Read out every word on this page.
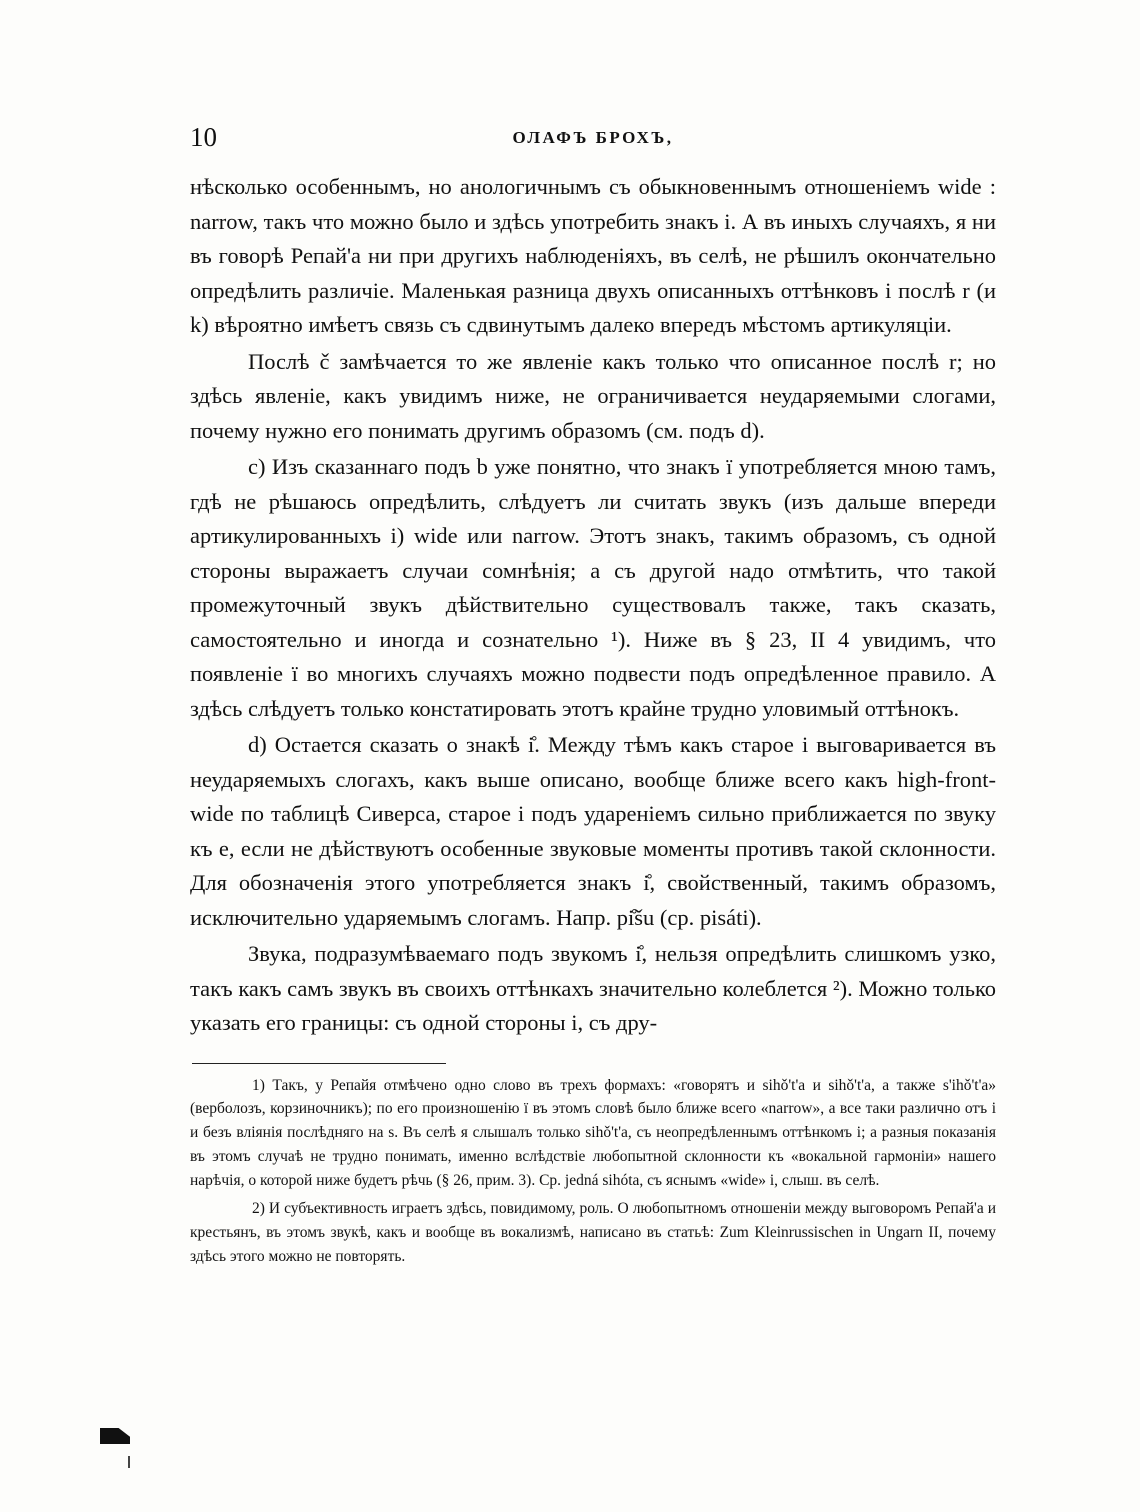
10	ОЛАФЪ БРОХЪ,

нѣсколько особеннымъ, но анологичнымъ съ обыкновеннымъ отношеніемъ wide : narrow, такъ что можно было и здѣсь употребить знакъ і. А въ иныхъ случаяхъ, я ни въ говорѣ Репай'а ни при другихъ наблюденіяхъ, въ селѣ, не рѣшилъ окончательно опредѣлить различіе. Маленькая разница двухъ описанныхъ оттѣнковъ і послѣ r (и k) вѣроятно имѣетъ связь съ сдвинутымъ далеко впередъ мѣстомъ артикуляціи.

Послѣ č замѣчается то же явленіе какъ только что описанное послѣ r; но здѣсь явленіе, какъ увидимъ ниже, не ограничивается неударяемыми слогами, почему нужно его понимать другимъ образомъ (см. подъ d).

c) Изъ сказаннаго подъ b уже понятно, что знакъ ї употребляется мною тамъ, гдѣ не рѣшаюсь опредѣлить, слѣдуетъ ли считать звукъ (изъ дальше впереди артикулированныхъ і) wide или narrow. Этотъ знакъ, такимъ образомъ, съ одной стороны выражаетъ случаи сомнѣнія; а съ другой надо отмѣтить, что такой промежуточный звукъ дѣйствительно существовалъ также, такъ сказать, самостоятельно и иногда и сознательно ¹). Ниже въ § 23, II 4 увидимъ, что появленіе ї во многихъ случаяхъ можно подвести подъ опредѣленное правило. А здѣсь слѣдуетъ только констатировать этотъ крайне трудно уловимый оттѣнокъ.

d) Остается сказать о знакѣ i̊. Между тѣмъ какъ старое і выговаривается въ неударяемыхъ слогахъ, какъ выше описано, вообще ближе всего какъ high-front-wide по таблицѣ Сиверса, старое і подъ удареніемъ сильно приближается по звуку къ е, если не дѣйствуютъ особенные звуковые моменты противъ такой склонности. Для обозначенія этого употребляется знакъ i̊, свойственный, такимъ образомъ, исключительно ударяемымъ слогамъ. Напр. pi̊šu (ср. pisáti).

Звука, подразумѣваемаго подъ звукомъ i̊, нельзя опредѣлить слишкомъ узко, такъ какъ самъ звукъ въ своихъ оттѣнкахъ значительно колеблется ²). Можно только указать его границы: съ одной стороны і, съ дру-

1) Такъ, у Репайя отмѣчено одно слово въ трехъ формахъ: «говорятъ и sihǒ't'a и sіhǒ't'a, а также s'ihǒ't'a» (верболозъ, корзиночникъ); по его произношенію ї въ этомъ словѣ было ближе всего «narrow», а все таки различно отъ і и безъ вліянія послѣдняго на s. Въ селѣ я слышалъ только sіhǒ't'a, съ неопредѣленнымъ оттѣнкомъ і; а разныя показанія въ этомъ случаѣ не трудно понимать, именно вслѣдствіе любопытной склонности къ «вокальной гармоніи» нашего нарѣчія, о которой ниже будетъ рѣчь (§ 26, прим. 3). Ср. jedná sіhóta, съ яснымъ «wide» і, слыш. въ селѣ.

2) И субъективность играетъ здѣсь, повидимому, роль. О любопытномъ отношеніи между выговоромъ Репай'а и крестьянъ, въ этомъ звукѣ, какъ и вообще въ вокализмѣ, написано въ статьѣ: Zum Kleinrussischen in Ungarn II, почему здѣсь этого можно не повторять.
